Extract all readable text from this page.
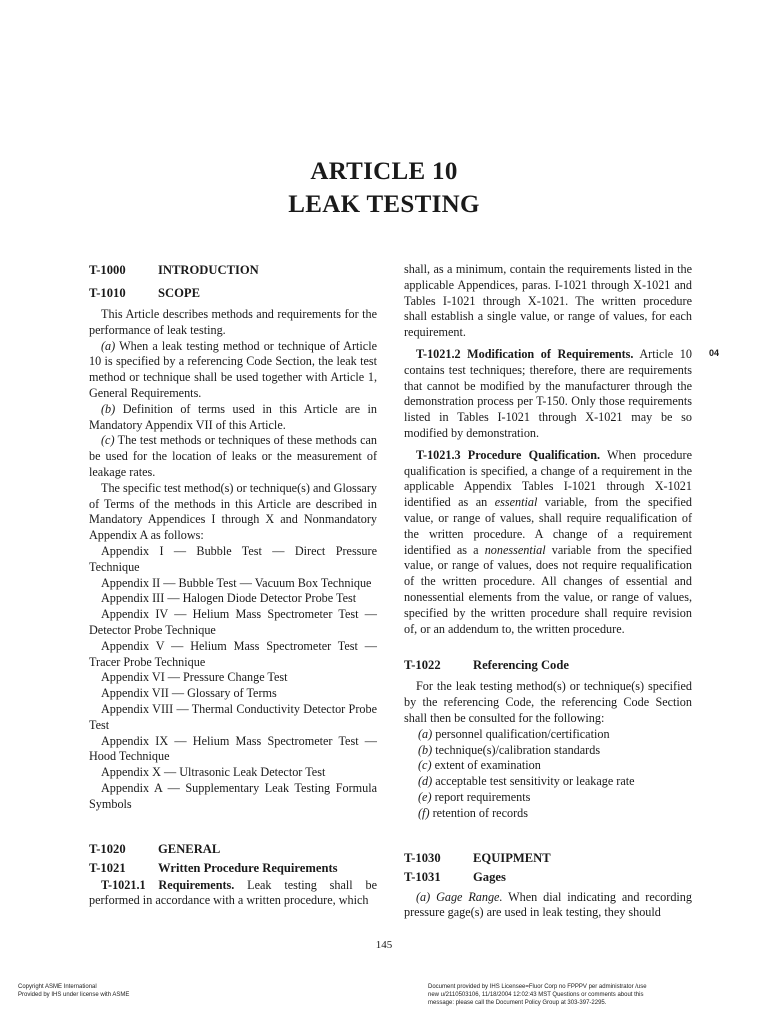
ARTICLE 10
LEAK TESTING
T-1000	INTRODUCTION
T-1010	SCOPE

This Article describes methods and requirements for the performance of leak testing.

(a) When a leak testing method or technique of Article 10 is specified by a referencing Code Section, the leak test method or technique shall be used together with Article 1, General Requirements.

(b) Definition of terms used in this Article are in Mandatory Appendix VII of this Article.

(c) The test methods or techniques of these methods can be used for the location of leaks or the measurement of leakage rates.

The specific test method(s) or technique(s) and Glossary of Terms of the methods in this Article are described in Mandatory Appendices I through X and Nonmandatory Appendix A as follows:

Appendix I — Bubble Test — Direct Pressure Technique

Appendix II — Bubble Test — Vacuum Box Technique

Appendix III — Halogen Diode Detector Probe Test

Appendix IV — Helium Mass Spectrometer Test — Detector Probe Technique

Appendix V — Helium Mass Spectrometer Test — Tracer Probe Technique

Appendix VI — Pressure Change Test

Appendix VII — Glossary of Terms

Appendix VIII — Thermal Conductivity Detector Probe Test

Appendix IX — Helium Mass Spectrometer Test — Hood Technique

Appendix X — Ultrasonic Leak Detector Test

Appendix A — Supplementary Leak Testing Formula Symbols

T-1020	GENERAL
T-1021	Written Procedure Requirements

T-1021.1 Requirements. Leak testing shall be performed in accordance with a written procedure, which

shall, as a minimum, contain the requirements listed in the applicable Appendices, paras. I-1021 through X-1021 and Tables I-1021 through X-1021. The written procedure shall establish a single value, or range of values, for each requirement.

T-1021.2 Modification of Requirements. Article 10 contains test techniques; therefore, there are requirements that cannot be modified by the manufacturer through the demonstration process per T-150. Only those requirements listed in Tables I-1021 through X-1021 may be so modified by demonstration.

T-1021.3 Procedure Qualification. When procedure qualification is specified, a change of a requirement in the applicable Appendix Tables I-1021 through X-1021 identified as an essential variable, from the specified value, or range of values, shall require requalification of the written procedure. A change of a requirement identified as a nonessential variable from the specified value, or range of values, does not require requalification of the written procedure. All changes of essential and nonessential elements from the value, or range of values, specified by the written procedure shall require revision of, or an addendum to, the written procedure.

T-1022	Referencing Code

For the leak testing method(s) or technique(s) specified by the referencing Code, the referencing Code Section shall then be consulted for the following:

(a) personnel qualification/certification

(b) technique(s)/calibration standards

(c) extent of examination

(d) acceptable test sensitivity or leakage rate

(e) report requirements

(f) retention of records

T-1030	EQUIPMENT
T-1031	Gages

(a) Gage Range. When dial indicating and recording pressure gage(s) are used in leak testing, they should

04
145
Copyright ASME International
Provided by IHS under license with ASME
Document provided by IHS Licensee=Fluor Corp no FPPPV per administrator /use
new u/2110503106, 11/18/2004 12:02:43 MST Questions or comments about this
message: please call the Document Policy Group at 303-397-2295.
